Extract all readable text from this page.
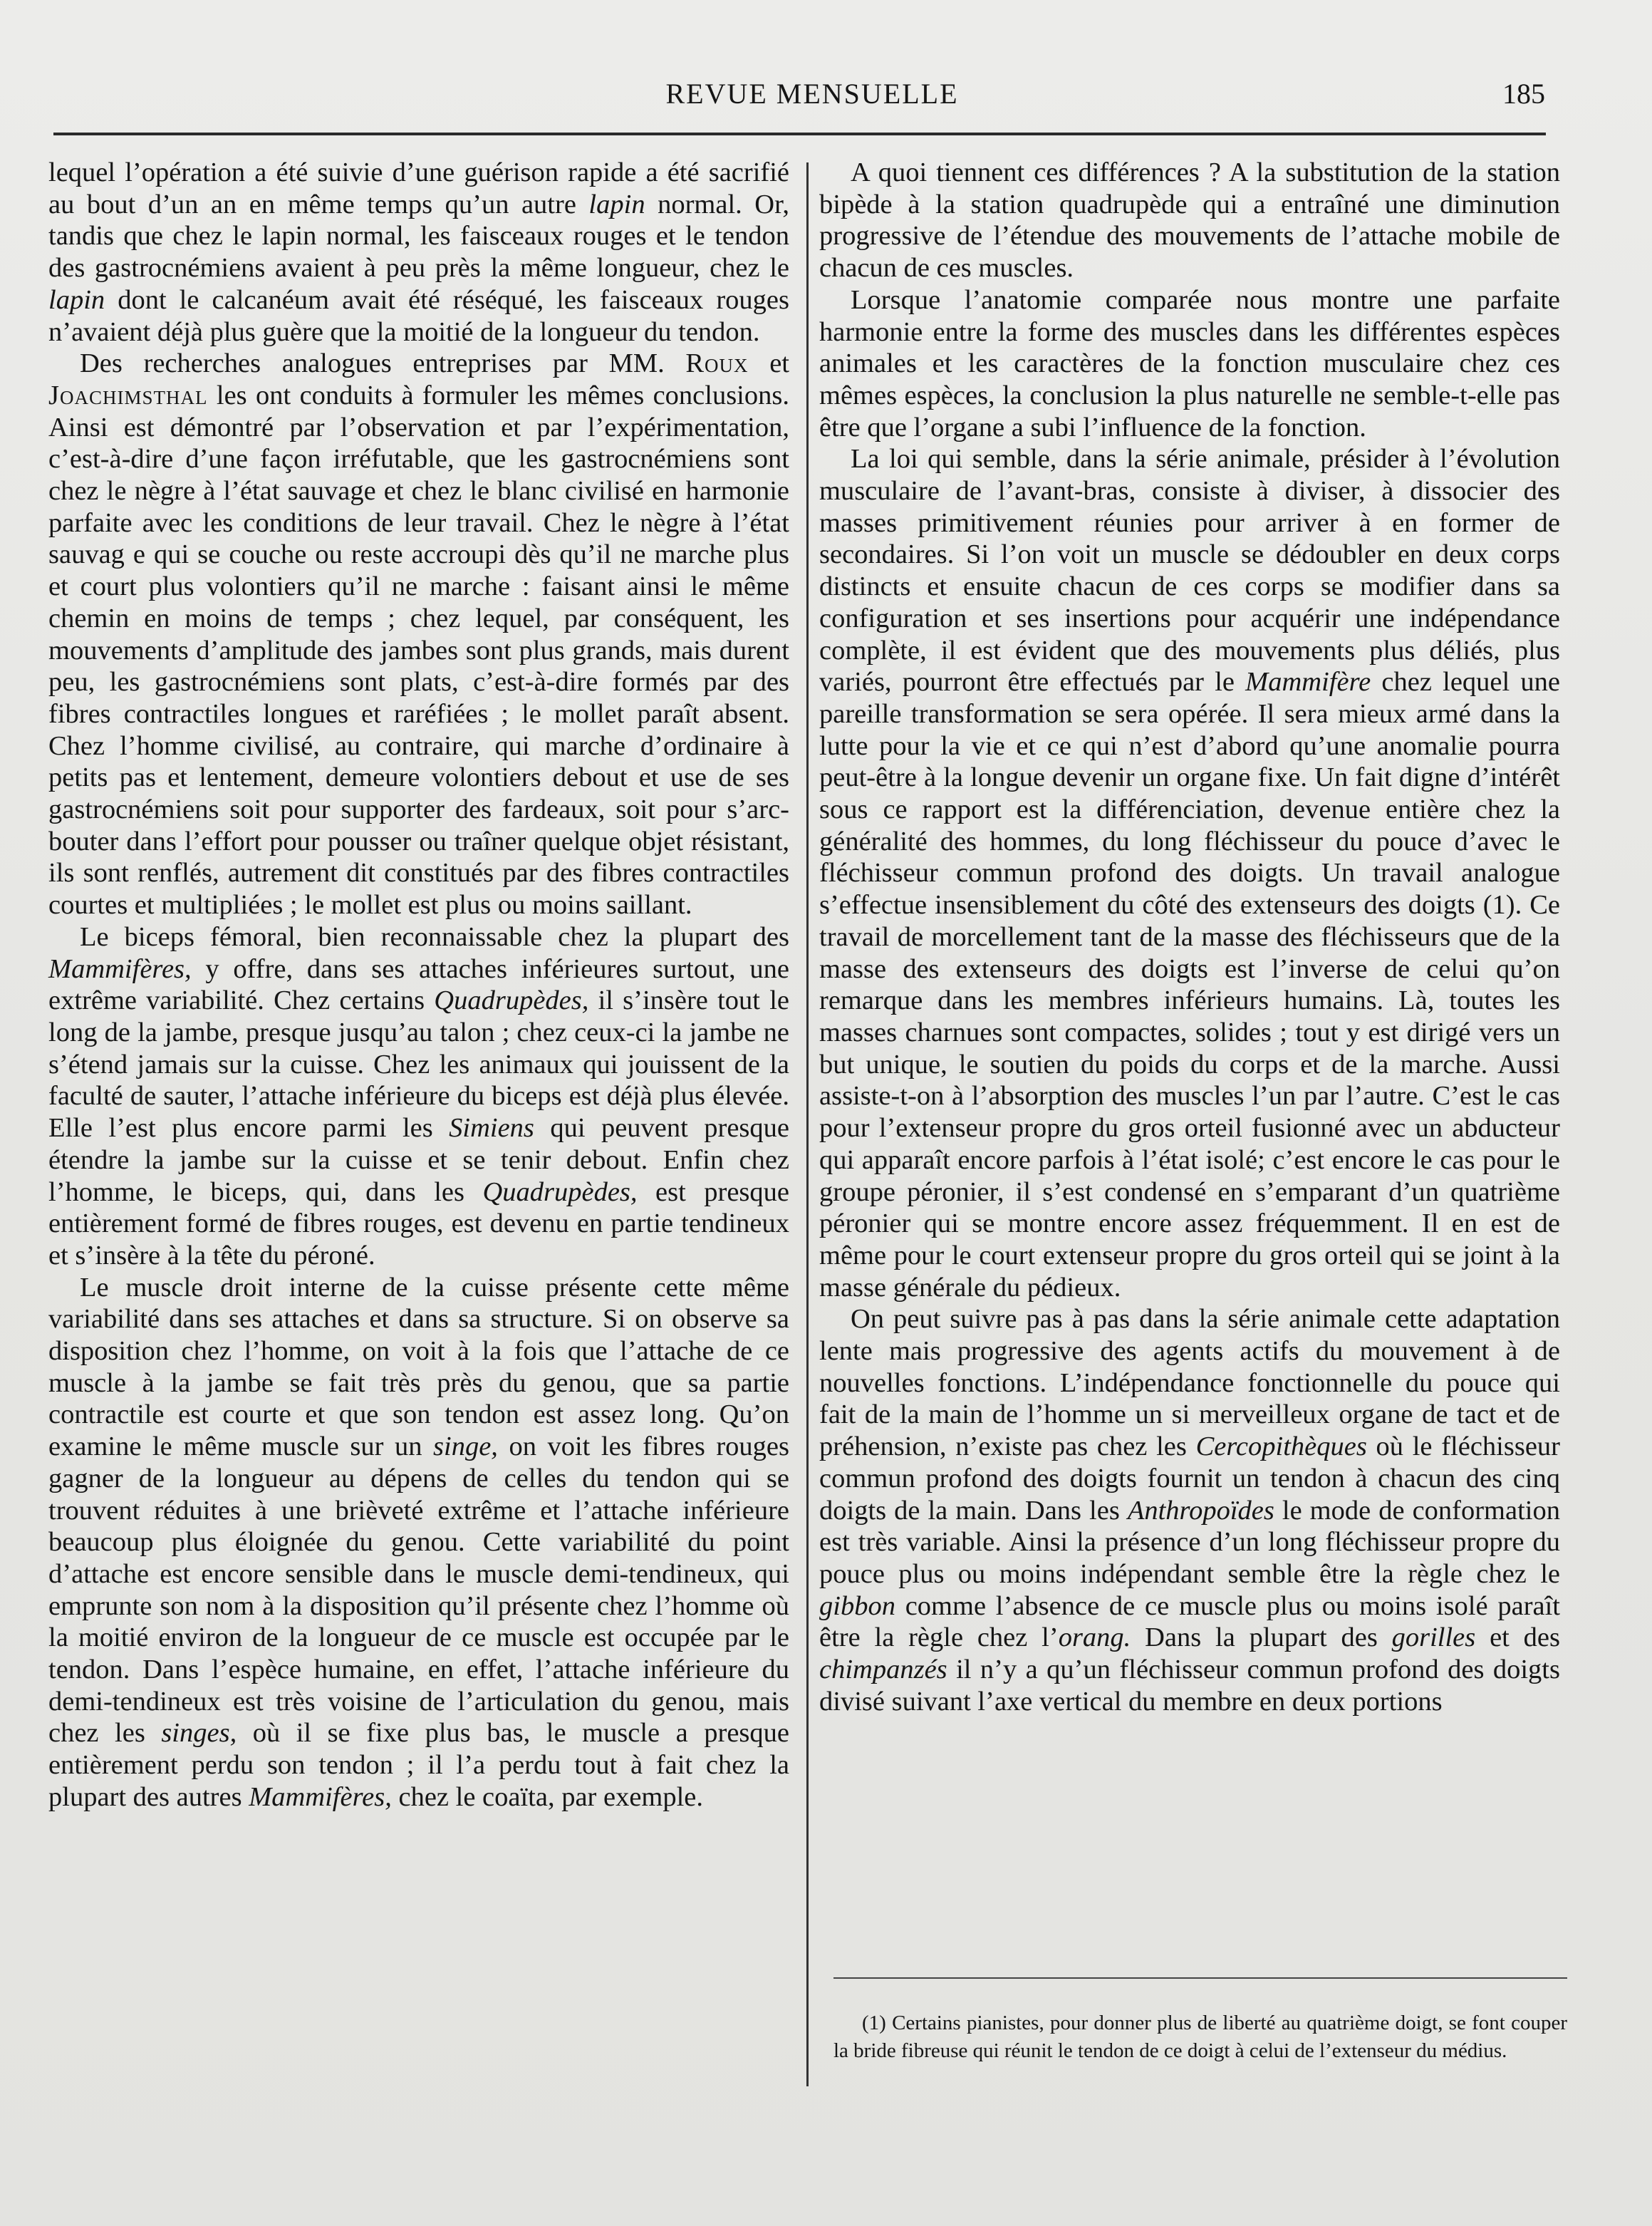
REVUE MENSUELLE	185

lequel l’opération a été suivie d’une guérison rapide a été sacrifié au bout d’un an en même temps qu’un autre lapin normal. Or, tandis que chez le lapin normal, les faisceaux rouges et le tendon des gastrocnémiens avaient à peu près la même longueur, chez le lapin dont le calcanéum avait été réséqué, les faisceaux rouges n’avaient déjà plus guère que la moitié de la longueur du tendon.

Des recherches analogues entreprises par MM. Roux et Joachimsthal les ont conduits à formuler les mêmes conclusions. Ainsi est démontré par l’observation et par l’expérimentation, c’est-à-dire d’une façon irréfutable, que les gastrocnémiens sont chez le nègre à l’état sauvage et chez le blanc civilisé en harmonie parfaite avec les conditions de leur travail. Chez le nègre à l’état sauvag e qui se couche ou reste accroupi dès qu’il ne marche plus et court plus volontiers qu’il ne marche : faisant ainsi le même chemin en moins de temps ; chez lequel, par conséquent, les mouvements d’amplitude des jambes sont plus grands, mais durent peu, les gastrocnémiens sont plats, c’est-à-dire formés par des fibres contractiles longues et raréfiées ; le mollet paraît absent. Chez l’homme civilisé, au contraire, qui marche d’ordinaire à petits pas et lentement, demeure volontiers debout et use de ses gastrocnémiens soit pour supporter des fardeaux, soit pour s’arc-bouter dans l’effort pour pousser ou traîner quelque objet résistant, ils sont renflés, autrement dit constitués par des fibres contractiles courtes et multipliées ; le mollet est plus ou moins saillant.

Le biceps fémoral, bien reconnaissable chez la plupart des Mammifères, y offre, dans ses attaches inférieures surtout, une extrême variabilité. Chez certains Quadrupèdes, il s’insère tout le long de la jambe, presque jusqu’au talon ; chez ceux-ci la jambe ne s’étend jamais sur la cuisse. Chez les animaux qui jouissent de la faculté de sauter, l’attache inférieure du biceps est déjà plus élevée. Elle l’est plus encore parmi les Simiens qui peuvent presque étendre la jambe sur la cuisse et se tenir debout. Enfin chez l’homme, le biceps, qui, dans les Quadrupèdes, est presque entièrement formé de fibres rouges, est devenu en partie tendineux et s’insère à la tête du péroné.

Le muscle droit interne de la cuisse présente cette même variabilité dans ses attaches et dans sa structure. Si on observe sa disposition chez l’homme, on voit à la fois que l’attache de ce muscle à la jambe se fait très près du genou, que sa partie contractile est courte et que son tendon est assez long. Qu’on examine le même muscle sur un singe, on voit les fibres rouges gagner de la longueur au dépens de celles du tendon qui se trouvent réduites à une brièveté extrême et l’attache inférieure beaucoup plus éloignée du genou. Cette variabilité du point d’attache est encore sensible dans le muscle demi-tendineux, qui emprunte son nom à la disposition qu’il présente chez l’homme où la moitié environ de la longueur de ce muscle est occupée par le tendon. Dans l’espèce humaine, en effet, l’attache inférieure du demi-tendineux est très voisine de l’articulation du genou, mais chez les singes, où il se fixe plus bas, le muscle a presque entièrement perdu son tendon ; il l’a perdu tout à fait chez la plupart des autres Mammifères, chez le coaïta, par exemple.

A quoi tiennent ces différences ? A la substitution de la station bipède à la station quadrupède qui a entraîné une diminution progressive de l’étendue des mouvements de l’attache mobile de chacun de ces muscles.

Lorsque l’anatomie comparée nous montre une parfaite harmonie entre la forme des muscles dans les différentes espèces animales et les caractères de la fonction musculaire chez ces mêmes espèces, la conclusion la plus naturelle ne semble-t-elle pas être que l’organe a subi l’influence de la fonction.

La loi qui semble, dans la série animale, présider à l’évolution musculaire de l’avant-bras, consiste à diviser, à dissocier des masses primitivement réunies pour arriver à en former de secondaires. Si l’on voit un muscle se dédoubler en deux corps distincts et ensuite chacun de ces corps se modifier dans sa configuration et ses insertions pour acquérir une indépendance complète, il est évident que des mouvements plus déliés, plus variés, pourront être effectués par le Mammifère chez lequel une pareille transformation se sera opérée. Il sera mieux armé dans la lutte pour la vie et ce qui n’est d’abord qu’une anomalie pourra peut-être à la longue devenir un organe fixe. Un fait digne d’intérêt sous ce rapport est la différenciation, devenue entière chez la généralité des hommes, du long fléchisseur du pouce d’avec le fléchisseur commun profond des doigts. Un travail analogue s’effectue insensiblement du côté des extenseurs des doigts (1). Ce travail de morcellement tant de la masse des fléchisseurs que de la masse des extenseurs des doigts est l’inverse de celui qu’on remarque dans les membres inférieurs humains. Là, toutes les masses charnues sont compactes, solides ; tout y est dirigé vers un but unique, le soutien du poids du corps et de la marche. Aussi assiste-t-on à l’absorption des muscles l’un par l’autre. C’est le cas pour l’extenseur propre du gros orteil fusionné avec un abducteur qui apparaît encore parfois à l’état isolé; c’est encore le cas pour le groupe péronier, il s’est condensé en s’emparant d’un quatrième péronier qui se montre encore assez fréquemment. Il en est de même pour le court extenseur propre du gros orteil qui se joint à la masse générale du pédieux.

On peut suivre pas à pas dans la série animale cette adaptation lente mais progressive des agents actifs du mouvement à de nouvelles fonctions. L’indépendance fonctionnelle du pouce qui fait de la main de l’homme un si merveilleux organe de tact et de préhension, n’existe pas chez les Cercopithèques où le fléchisseur commun profond des doigts fournit un tendon à chacun des cinq doigts de la main. Dans les Anthropoïdes le mode de conformation est très variable. Ainsi la présence d’un long fléchisseur propre du pouce plus ou moins indépendant semble être la règle chez le gibbon comme l’absence de ce muscle plus ou moins isolé paraît être la règle chez l’orang. Dans la plupart des gorilles et des chimpanzés il n’y a qu’un fléchisseur commun profond des doigts divisé suivant l’axe vertical du membre en deux portions

(1) Certains pianistes, pour donner plus de liberté au quatrième doigt, se font couper la bride fibreuse qui réunit le tendon de ce doigt à celui de l’extenseur du médius.
